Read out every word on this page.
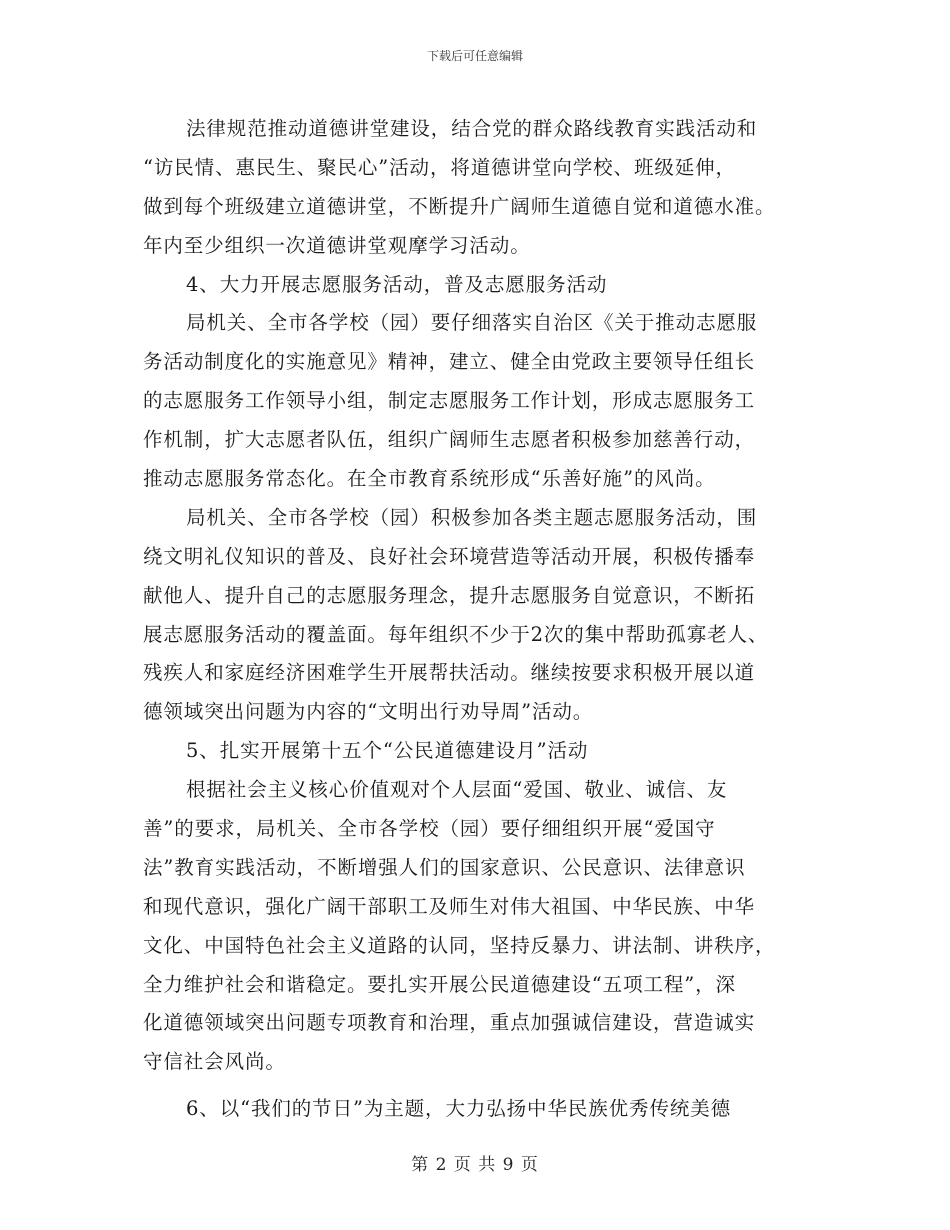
下载后可任意编辑
法律规范推动道德讲堂建设，结合党的群众路线教育实践活动和
“访民情、惠民生、聚民心”活动，将道德讲堂向学校、班级延伸，
做到每个班级建立道德讲堂，不断提升广阔师生道德自觉和道德水准。
年内至少组织一次道德讲堂观摩学习活动。
4、大力开展志愿服务活动，普及志愿服务活动
局机关、全市各学校（园）要仔细落实自治区《关于推动志愿服
务活动制度化的实施意见》精神，建立、健全由党政主要领导任组长
的志愿服务工作领导小组，制定志愿服务工作计划，形成志愿服务工
作机制，扩大志愿者队伍，组织广阔师生志愿者积极参加慈善行动，
推动志愿服务常态化。在全市教育系统形成“乐善好施”的风尚。
局机关、全市各学校（园）积极参加各类主题志愿服务活动，围
绕文明礼仪知识的普及、良好社会环境营造等活动开展，积极传播奉
献他人、提升自己的志愿服务理念，提升志愿服务自觉意识，不断拓
展志愿服务活动的覆盖面。每年组织不少于2次的集中帮助孤寡老人、
残疾人和家庭经济困难学生开展帮扶活动。继续按要求积极开展以道
德领域突出问题为内容的“文明出行劝导周”活动。
5、扎实开展第十五个“公民道德建设月”活动
根据社会主义核心价值观对个人层面“爱国、敬业、诚信、友
善”的要求，局机关、全市各学校（园）要仔细组织开展“爱国守
法”教育实践活动，不断增强人们的国家意识、公民意识、法律意识
和现代意识，强化广阔干部职工及师生对伟大祖国、中华民族、中华
文化、中国特色社会主义道路的认同，坚持反暴力、讲法制、讲秩序，
全力维护社会和谐稳定。要扎实开展公民道德建设“五项工程”，深
化道德领域突出问题专项教育和治理，重点加强诚信建设，营造诚实
守信社会风尚。
6、以“我们的节日”为主题，大力弘扬中华民族优秀传统美德
第 2 页 共 9 页
